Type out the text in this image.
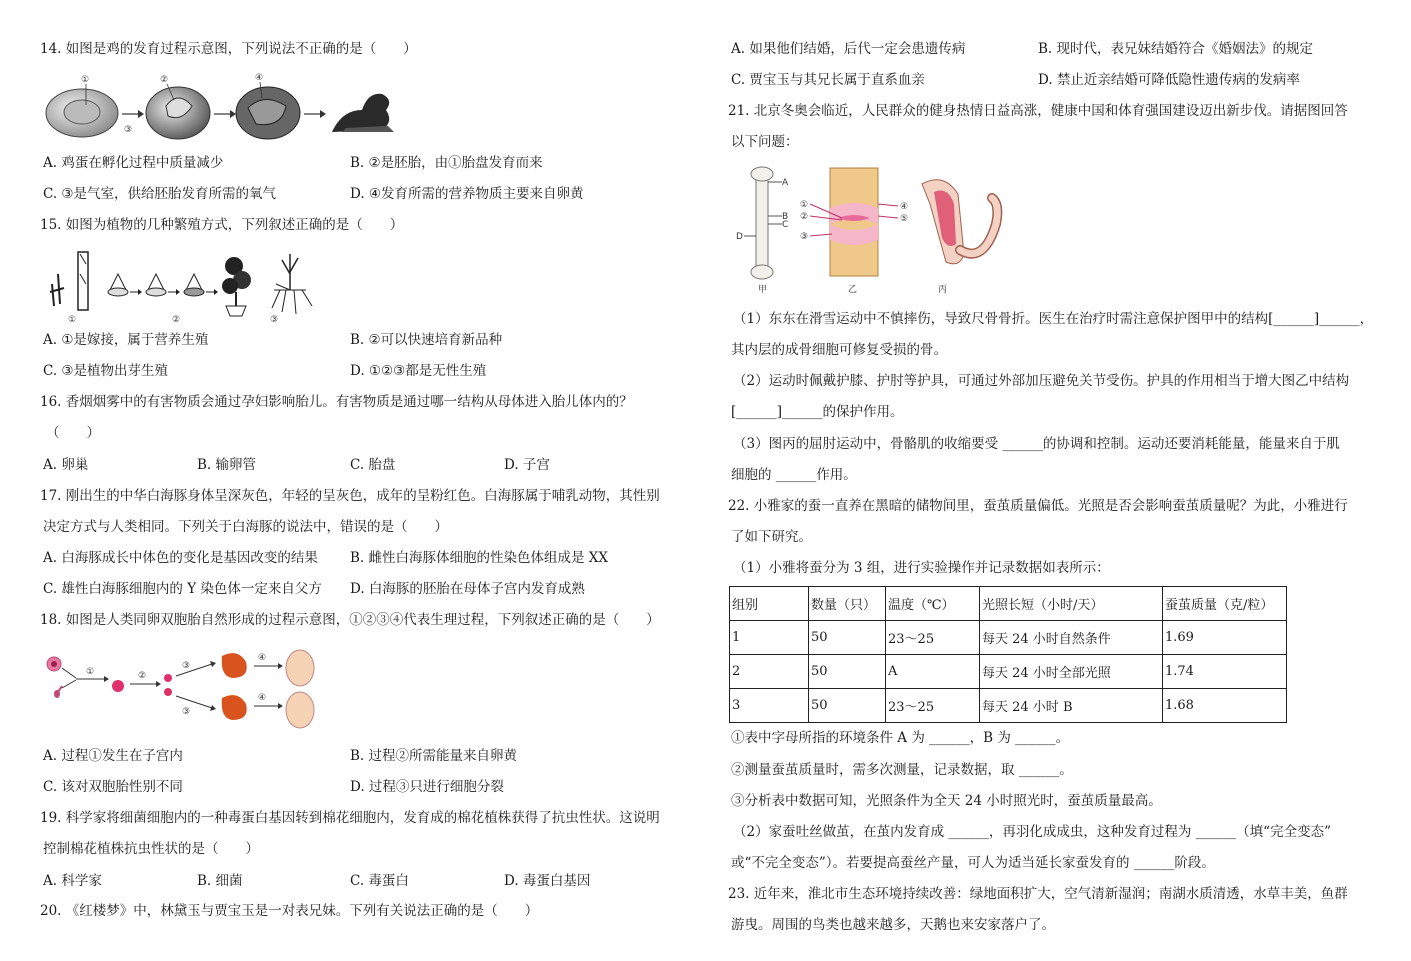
14. 如图是鸡的发育过程示意图，下列说法不正确的是（　　）
①
③
②	④
A. 鸡蛋在孵化过程中质量减少	B. ②是胚胎，由①胎盘发育而来
C. ③是气室，供给胚胎发育所需的氧气	D. ④发育所需的营养物质主要来自卵黄
15. 如图为植物的几种繁殖方式，下列叙述正确的是（　　）
①	②	③
A. ①是嫁接，属于营养生殖	B. ②可以快速培育新品种
C. ③是植物出芽生殖	D. ①②③都是无性生殖
16. 香烟烟雾中的有害物质会通过孕妇影响胎儿。有害物质是通过哪一结构从母体进入胎儿体内的？
（　　）
A. 卵巢	B. 输卵管	C. 胎盘	D. 子宫
17. 刚出生的中华白海豚身体呈深灰色，年轻的呈灰色，成年的呈粉红色。白海豚属于哺乳动物，其性别
决定方式与人类相同。下列关于白海豚的说法中，错误的是（　　）
A. 白海豚成长中体色的变化是基因改变的结果 B. 雌性白海豚体细胞的性染色体组成是 XX
C. 雄性白海豚细胞内的 Y 染色体一定来自父方 D. 白海豚的胚胎在母体子宫内发育成熟
18. 如图是人类同卵双胞胎自然形成的过程示意图，①②③④代表生理过程，下列叙述正确的是（　　）
①	②
③
③
④
④
A. 过程①发生在子宫内	B. 过程②所需能量来自卵黄
C. 该对双胞胎性别不同	D. 过程③只进行细胞分裂
19. 科学家将细菌细胞内的一种毒蛋白基因转到棉花细胞内，发育成的棉花植株获得了抗虫性状。这说明
控制棉花植株抗虫性状的是（　　）
A. 科学家	B. 细菌	C. 毒蛋白	D. 毒蛋白基因
20. 《红楼梦》中，林黛玉与贾宝玉是一对表兄妹。下列有关说法正确的是（　　）
A. 如果他们结婚，后代一定会患遗传病	B. 现时代，表兄妹结婚符合《婚姻法》的规定
C. 贾宝玉与其兄长属于直系血亲	D. 禁止近亲结婚可降低隐性遗传病的发病率
21. 北京冬奥会临近，人民群众的健身热情日益高涨，健康中国和体育强国建设迈出新步伐。请据图回答
以下问题：
A
B
C
D
甲
①
②
③
④
⑤
乙	丙
（1）东东在滑雪运动中不慎摔伤，导致尺骨骨折。医生在治疗时需注意保护图甲中的结构[______]______，
其内层的成骨细胞可修复受损的骨。
（2）运动时佩戴护膝、护肘等护具，可通过外部加压避免关节受伤。护具的作用相当于增大图乙中结构
[______]______的保护作用。
（3）图丙的屈肘运动中，骨骼肌的收缩要受 ______的协调和控制。运动还要消耗能量，能量来自于肌
细胞的 ______作用。
22. 小雅家的蚕一直养在黑暗的储物间里，蚕茧质量偏低。光照是否会影响蚕茧质量呢？为此，小雅进行
了如下研究。
（1）小雅将蚕分为 3 组，进行实验操作并记录数据如表所示：
组别	数量（只）	温度（℃）	光照长短（小时/天）	蚕茧质量（克/粒）
1	50	23～25	每天 24 小时自然条件	1.69
2	50	A	每天 24 小时全部光照	1.74
3	50	23～25	每天 24 小时 B	1.68
①表中字母所指的环境条件 A 为 ______，B 为 ______。
②测量蚕茧质量时，需多次测量，记录数据，取 ______。
③分析表中数据可知，光照条件为全天 24 小时照光时，蚕茧质量最高。
（2）家蚕吐丝做茧，在茧内发育成 ______，再羽化成成虫，这种发育过程为 ______（填“完全变态”
或“不完全变态”）。若要提高蚕丝产量，可人为适当延长家蚕发育的 ______阶段。
23. 近年来，淮北市生态环境持续改善：绿地面积扩大，空气清新湿润；南湖水质清透，水草丰美，鱼群
游曳。周围的鸟类也越来越多，天鹅也来安家落户了。
